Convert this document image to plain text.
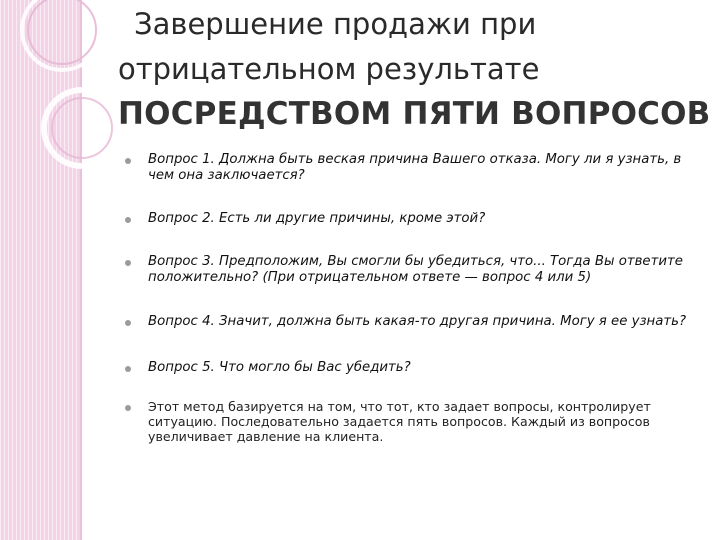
Завершение продажи при
отрицательном результате
ПОСРЕДСТВОМ ПЯТИ ВОПРОСОВ
Вопрос 1. Должна быть веская причина Вашего отказа. Могу ли я узнать, в чем она заключается?
Вопрос 2. Есть ли другие причины, кроме этой?
Вопрос 3. Предположим, Вы смогли бы убедиться, что... Тогда Вы ответите положительно? (При отрицательном ответе — вопрос 4 или 5)
Вопрос 4. Значит, должна быть какая-то другая причина. Могу я ее узнать?
Вопрос 5. Что могло бы Вас убедить?
Этот метод базируется на том, что тот, кто задает вопросы, контролирует ситуацию. Последовательно задается пять вопросов. Каждый из вопросов увеличивает давление на клиента.
